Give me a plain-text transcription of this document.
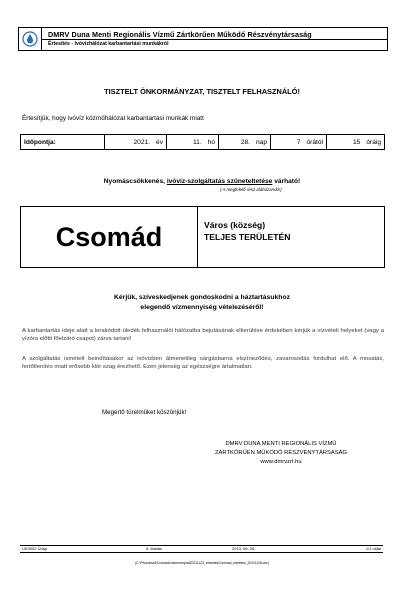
DMRV Duna Menti Regionális Vízmű Zártkörűen Működő Részvénytársaság
Értesítés - Ivóvízhálózat karbantartási munkákról
TISZTELT ÖNKORMÁNYZAT, TISZTELT FELHASZNÁLÓ!
Értesítjük, hogy ivóvíz közműhálózat karbantartási munkák miatt
Időpontja:	2021. év	11. hó	28. nap	7 órától	15 óráig
Nyomáscsökkenés, ivóvíz-szolgáltatás szüneteltetése várható!
( A megfelelő rész aláhúzandó!)
Csomád	Város (község)
TELJES TERÜLETÉN
Kérjük, szíveskedjenek gondoskodni a háztartásukhoz
elegendő vízmennyiség vételezéséről!
A karbantartás ideje alatt a lerakódott üledék felhasználói hálózatba bejutásának elkerülése érdekében kérjük a vízvételi helyeket (vagy a vízóra előtti főelzáró csapot) zárva tartani!
A szolgáltatás ismételt beindításakor az ivóvízben átmenetileg sárgásbarna elszíneződés, zavarosodás fordulhat elő. A mosatás, fertőtlenítés miatt erősebb klór szag érezhető. Ezen jelenség az egészségre ártalmatlan.
Megértő türelmüket köszönjük!
DMRV DUNA MENTI REGIONÁLIS VÍZMŰ
ZÁRTKÖRŰEN MŰKÖDŐ RÉSZVÉNYTÁRSASÁG
www.dmrvzrt.hu
UK3002 Űrlap	5. kiadás	2013. 06. 26.	1/1 oldal
(C:\Pt\csomad\Csomadonkormanyzat20211123_ertesites\Csomad_ertesites_20211128.doc)
